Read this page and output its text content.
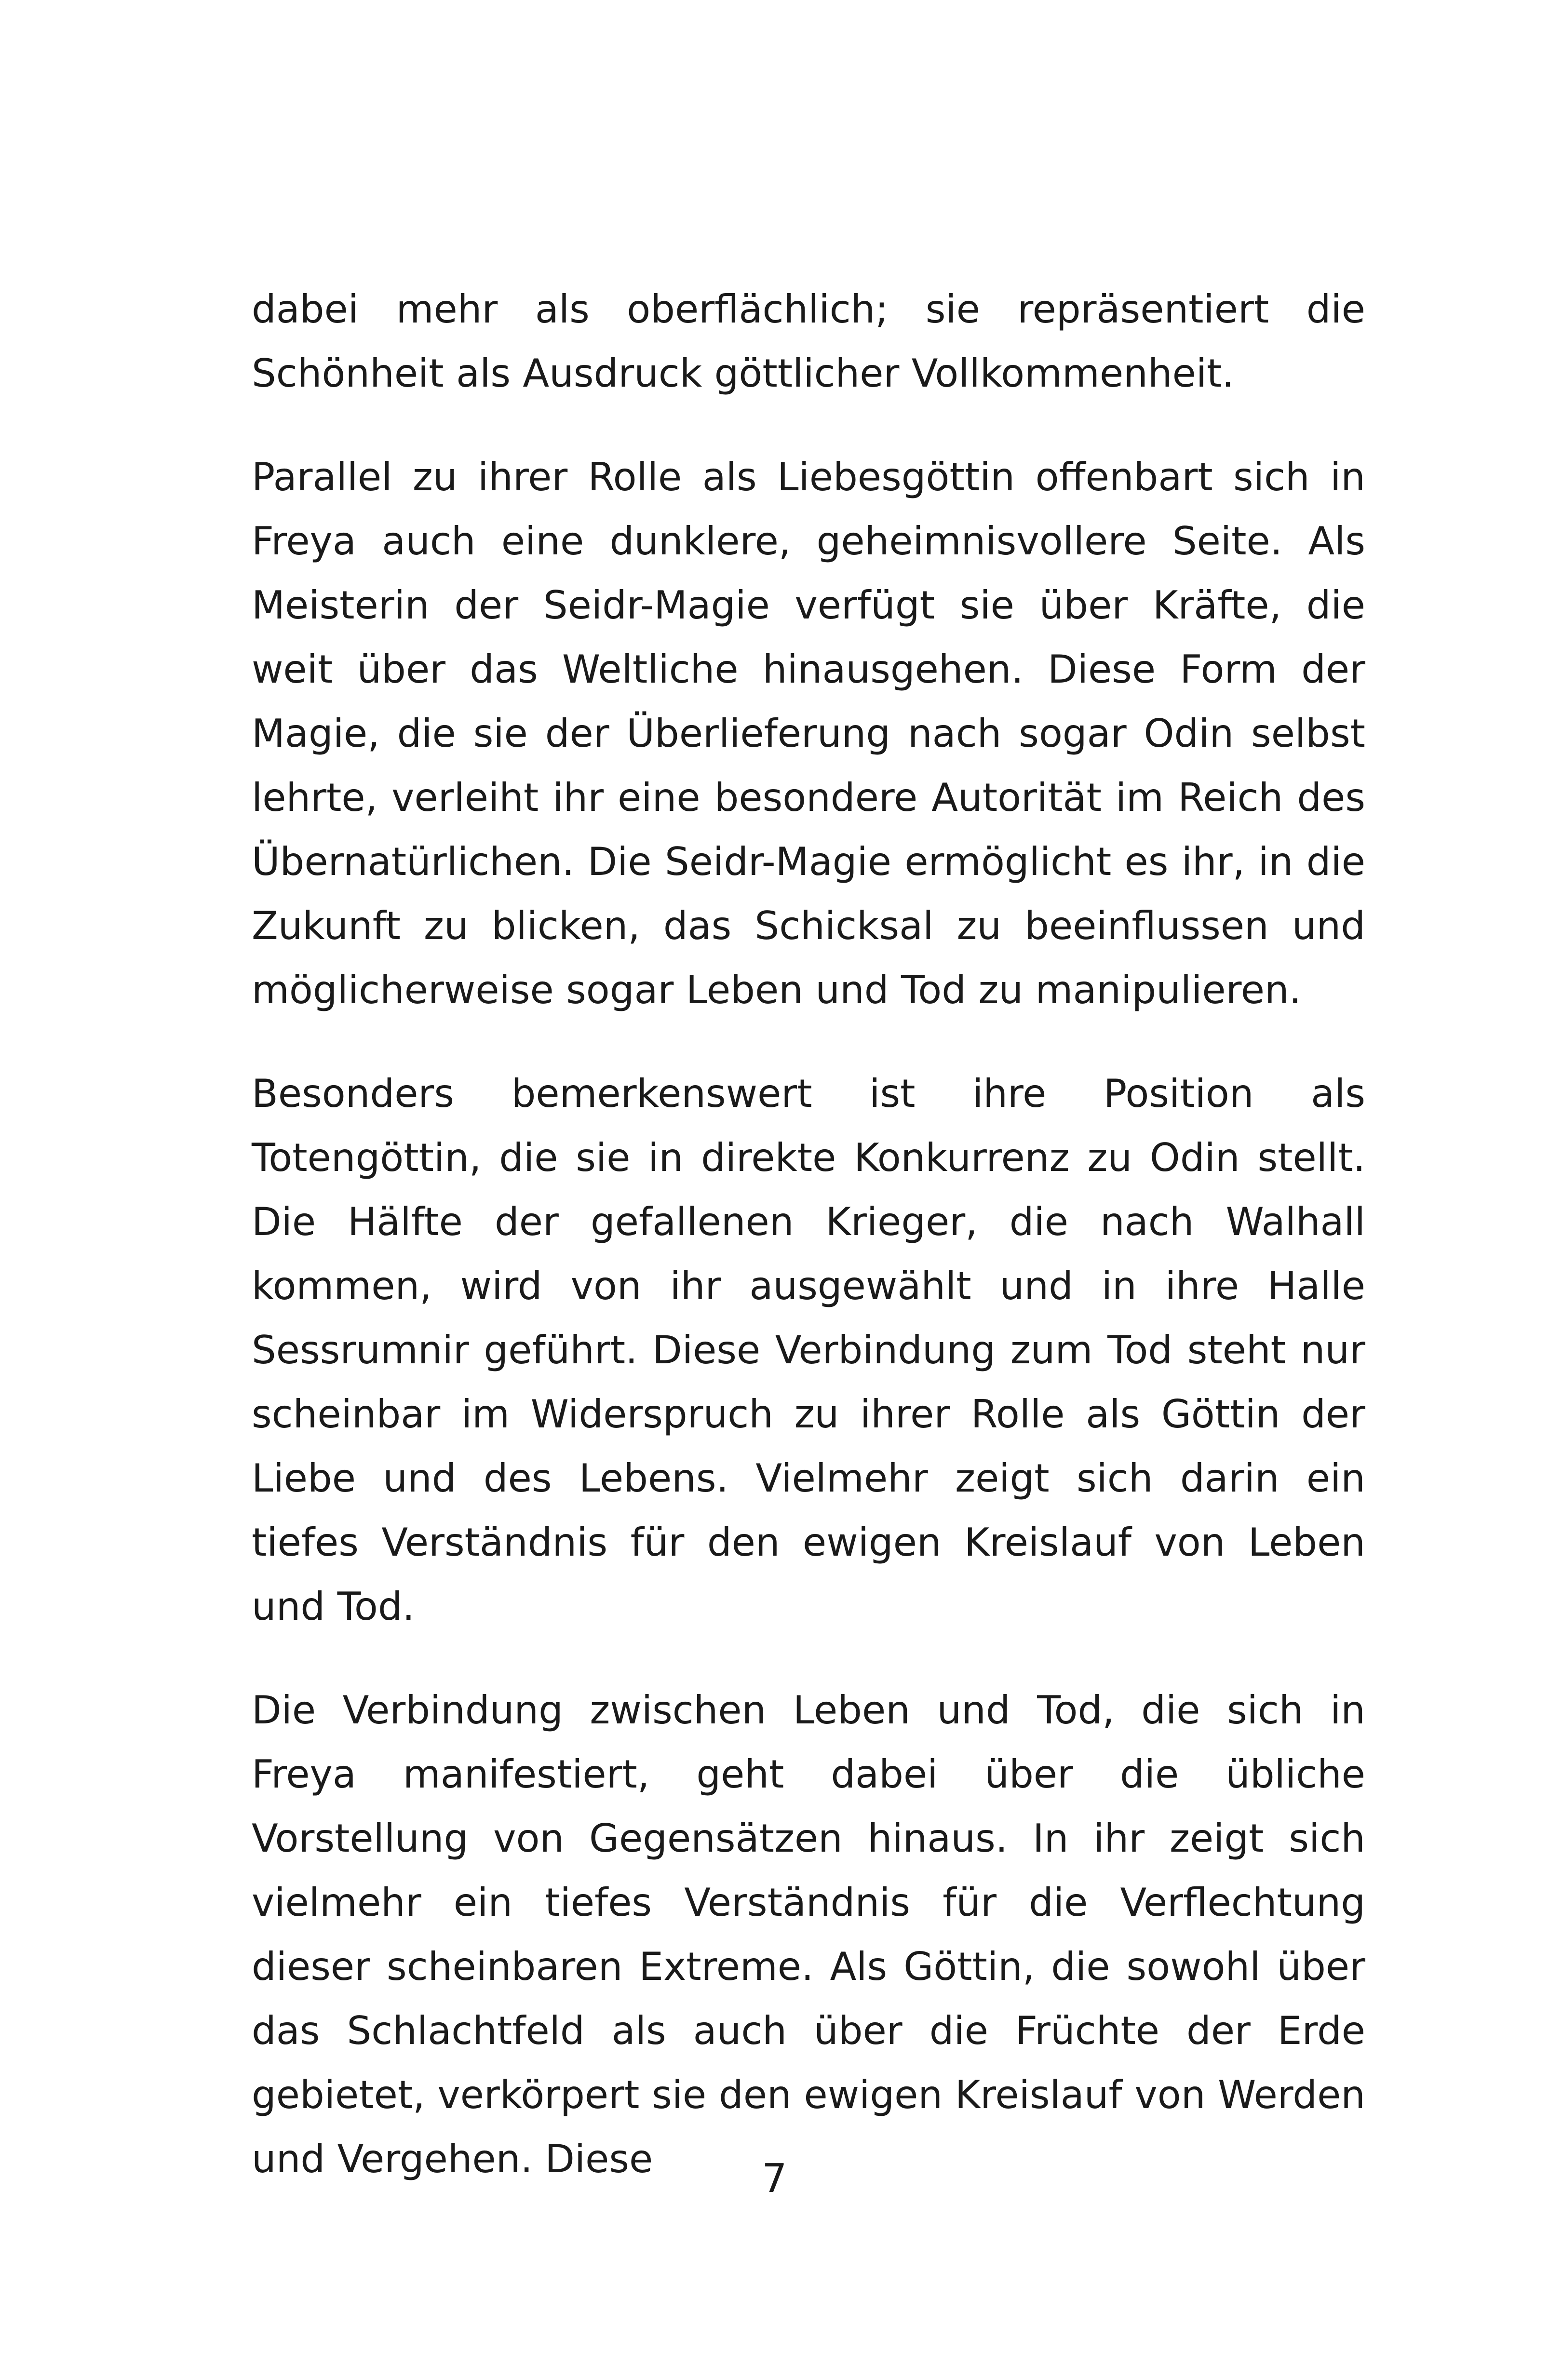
dabei mehr als oberflächlich; sie repräsentiert die Schönheit als Ausdruck göttlicher Vollkommenheit.

Parallel zu ihrer Rolle als Liebesgöttin offenbart sich in Freya auch eine dunklere, geheimnisvollere Seite. Als Meisterin der Seidr-Magie verfügt sie über Kräfte, die weit über das Weltliche hinausgehen. Diese Form der Magie, die sie der Überlieferung nach sogar Odin selbst lehrte, verleiht ihr eine besondere Autorität im Reich des Übernatürlichen. Die Seidr-Magie ermöglicht es ihr, in die Zukunft zu blicken, das Schicksal zu beeinflussen und möglicherweise sogar Leben und Tod zu manipulieren.

Besonders bemerkenswert ist ihre Position als Totengöttin, die sie in direkte Konkurrenz zu Odin stellt. Die Hälfte der gefallenen Krieger, die nach Walhall kommen, wird von ihr ausgewählt und in ihre Halle Sessrumnir geführt. Diese Verbindung zum Tod steht nur scheinbar im Widerspruch zu ihrer Rolle als Göttin der Liebe und des Lebens. Vielmehr zeigt sich darin ein tiefes Verständnis für den ewigen Kreislauf von Leben und Tod.

Die Verbindung zwischen Leben und Tod, die sich in Freya manifestiert, geht dabei über die übliche Vorstellung von Gegensätzen hinaus. In ihr zeigt sich vielmehr ein tiefes Verständnis für die Verflechtung dieser scheinbaren Extreme. Als Göttin, die sowohl über das Schlachtfeld als auch über die Früchte der Erde gebietet, verkörpert sie den ewigen Kreislauf von Werden und Vergehen. Diese	7
